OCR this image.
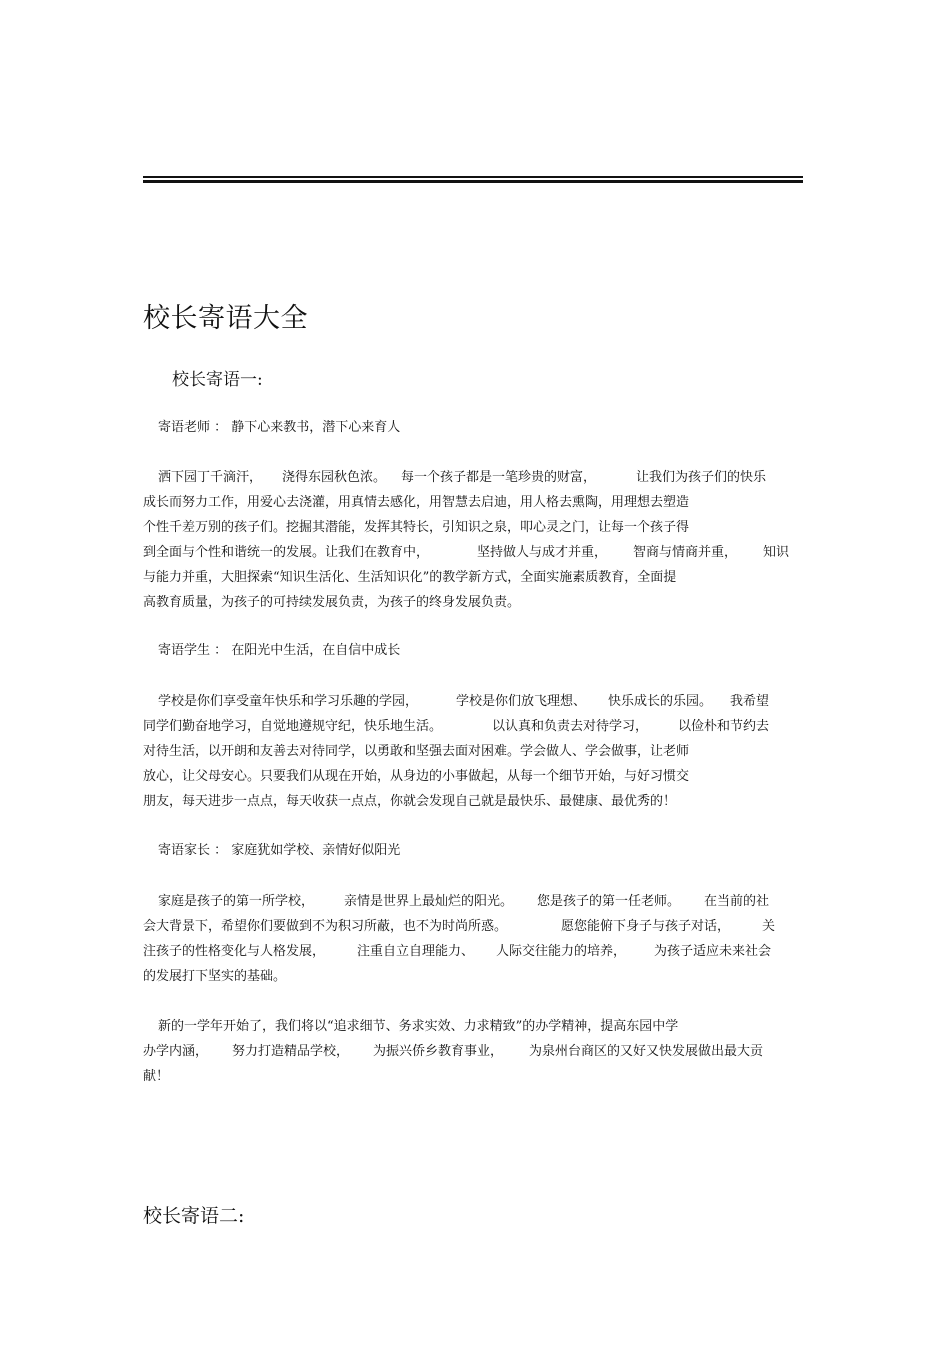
校长寄语大全
校长寄语一:
寄语老师 ： 静下心来教书，潜下心来育人
洒下园丁千滴汗， 浇得东园秋色浓。 每一个孩子都是一笔珍贵的财富，	让我们为孩子们的快乐
成长而努力工作，用爱心去浇灌，用真情去感化，用智慧去启迪，用人格去熏陶，用理想去塑造
个性千差万别的孩子们。挖掘其潜能，发挥其特长，引知识之泉，叩心灵之门，让每一个孩子得
到全面与个性和谐统一的发展。让我们在教育中，	坚持做人与成才并重， 智商与情商并重， 知识
与能力并重，大胆探索“知识生活化、生活知识化”的教学新方式，全面实施素质教育，全面提
高教育质量，为孩子的可持续发展负责，为孩子的终身发展负责。
寄语学生 ： 在阳光中生活，在自信中成长
学校是你们享受童年快乐和学习乐趣的学园，	学校是你们放飞理想、 快乐成长的乐园。 我希望
同学们勤奋地学习，自觉地遵规守纪，快乐地生活。	以认真和负责去对待学习， 以俭朴和节约去
对待生活，以开朗和友善去对待同学，以勇敢和坚强去面对困难。学会做人、学会做事，让老师
放心，让父母安心。只要我们从现在开始，从身边的小事做起，从每一个细节开始，与好习惯交
朋友，每天进步一点点，每天收获一点点，你就会发现自己就是最快乐、最健康、最优秀的！
寄语家长 ： 家庭犹如学校、亲情好似阳光
家庭是孩子的第一所学校， 亲情是世界上最灿烂的阳光。 您是孩子的第一任老师。 在当前的社
会大背景下，希望你们要做到不为积习所蔽，也不为时尚所惑。	愿您能俯下身子与孩子对话， 关
注孩子的性格变化与人格发展， 注重自立自理能力、 人际交往能力的培养， 为孩子适应未来社会
的发展打下坚实的基础。
新的一学年开始了，我们将以“追求细节、务求实效、力求精致”的办学精神，提高东园中学
办学内涵， 努力打造精品学校， 为振兴侨乡教育事业， 为泉州台商区的又好又快发展做出最大贡
献！
校长寄语二:
